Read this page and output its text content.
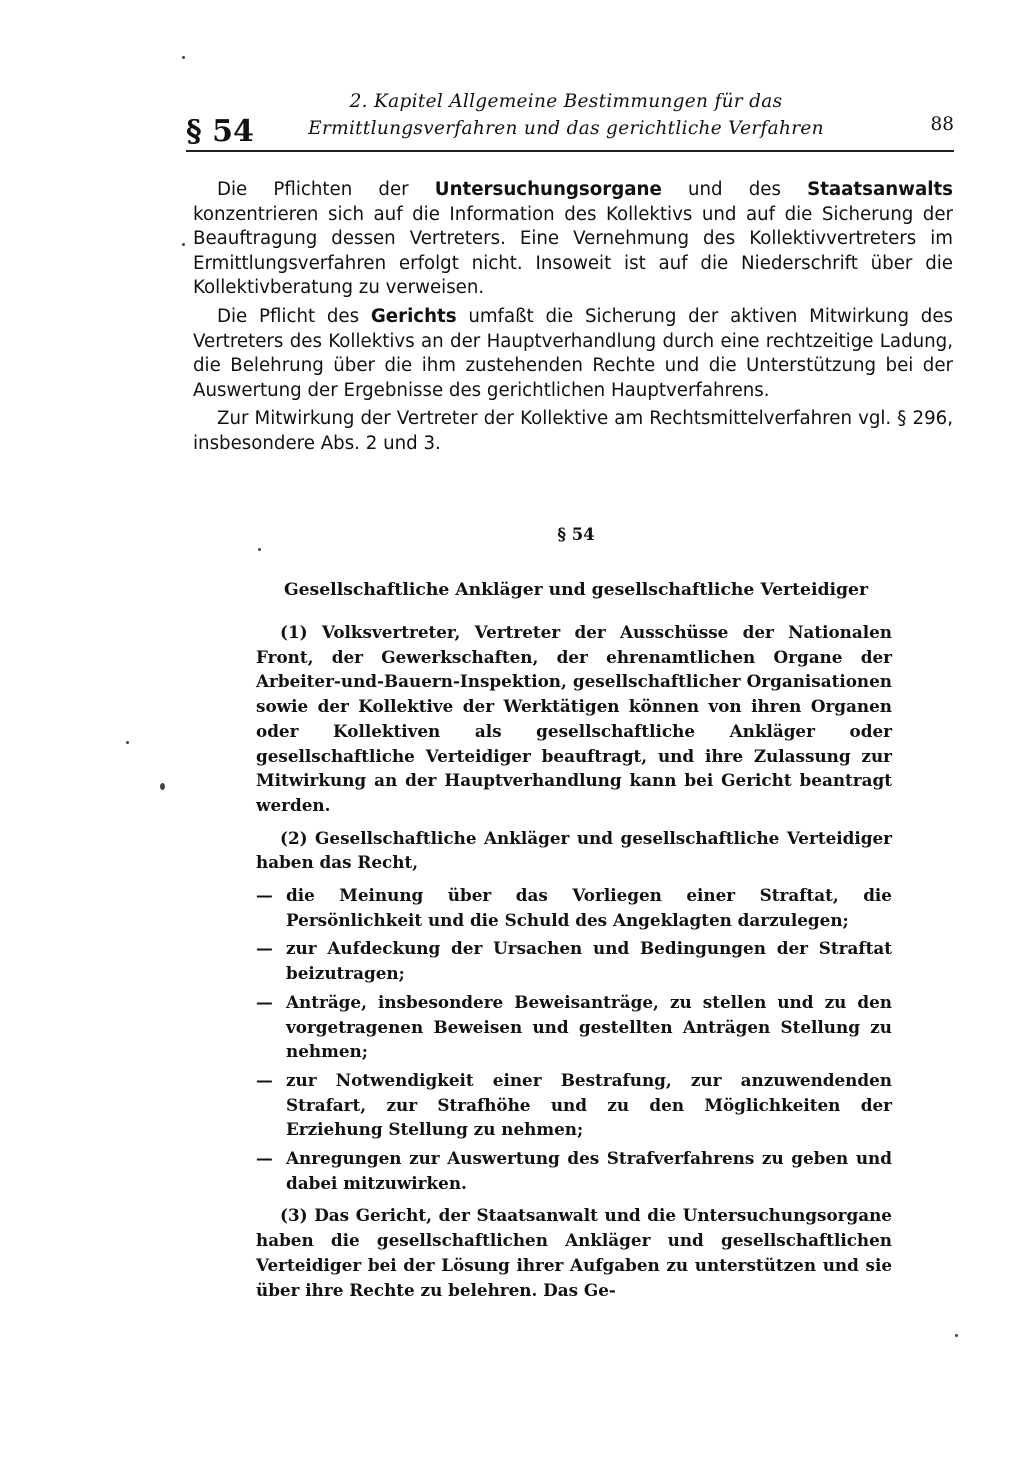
§ 54
2. Kapitel Allgemeine Bestimmungen für das
Ermittlungsverfahren und das gerichtliche Verfahren	88

Die Pflichten der Untersuchungsorgane und des Staatsanwalts konzentrieren sich auf die Information des Kollektivs und auf die Sicherung der Beauftragung dessen Vertreters. Eine Vernehmung des Kollektivvertreters im Ermittlungsverfahren erfolgt nicht. Insoweit ist auf die Niederschrift über die Kollektivberatung zu verweisen.

Die Pflicht des Gerichts umfaßt die Sicherung der aktiven Mitwirkung des Vertreters des Kollektivs an der Hauptverhandlung durch eine rechtzeitige Ladung, die Belehrung über die ihm zustehenden Rechte und die Unterstützung bei der Auswertung der Ergebnisse des gerichtlichen Hauptverfahrens.

Zur Mitwirkung der Vertreter der Kollektive am Rechtsmittelverfahren vgl. § 296, insbesondere Abs. 2 und 3.

§ 54
Gesellschaftliche Ankläger und gesellschaftliche Verteidiger

(1) Volksvertreter, Vertreter der Ausschüsse der Nationalen Front, der Gewerkschaften, der ehrenamtlichen Organe der Arbeiter-und-Bauern-Inspektion, gesellschaftlicher Organisationen sowie der Kollektive der Werktätigen können von ihren Organen oder Kollektiven als gesellschaftliche Ankläger oder gesellschaftliche Verteidiger beauftragt, und ihre Zulassung zur Mitwirkung an der Hauptverhandlung kann bei Gericht beantragt werden.

(2) Gesellschaftliche Ankläger und gesellschaftliche Verteidiger haben das Recht,

— die Meinung über das Vorliegen einer Straftat, die Persönlichkeit und die Schuld des Angeklagten darzulegen;
— zur Aufdeckung der Ursachen und Bedingungen der Straftat beizutragen;
— Anträge, insbesondere Beweisanträge, zu stellen und zu den vorgetragenen Beweisen und gestellten Anträgen Stellung zu nehmen;
— zur Notwendigkeit einer Bestrafung, zur anzuwendenden Strafart, zur Strafhöhe und zu den Möglichkeiten der Erziehung Stellung zu nehmen;
— Anregungen zur Auswertung des Strafverfahrens zu geben und dabei mitzuwirken.

(3) Das Gericht, der Staatsanwalt und die Untersuchungsorgane haben die gesellschaftlichen Ankläger und gesellschaftlichen Verteidiger bei der Lösung ihrer Aufgaben zu unterstützen und sie über ihre Rechte zu belehren. Das Ge-
